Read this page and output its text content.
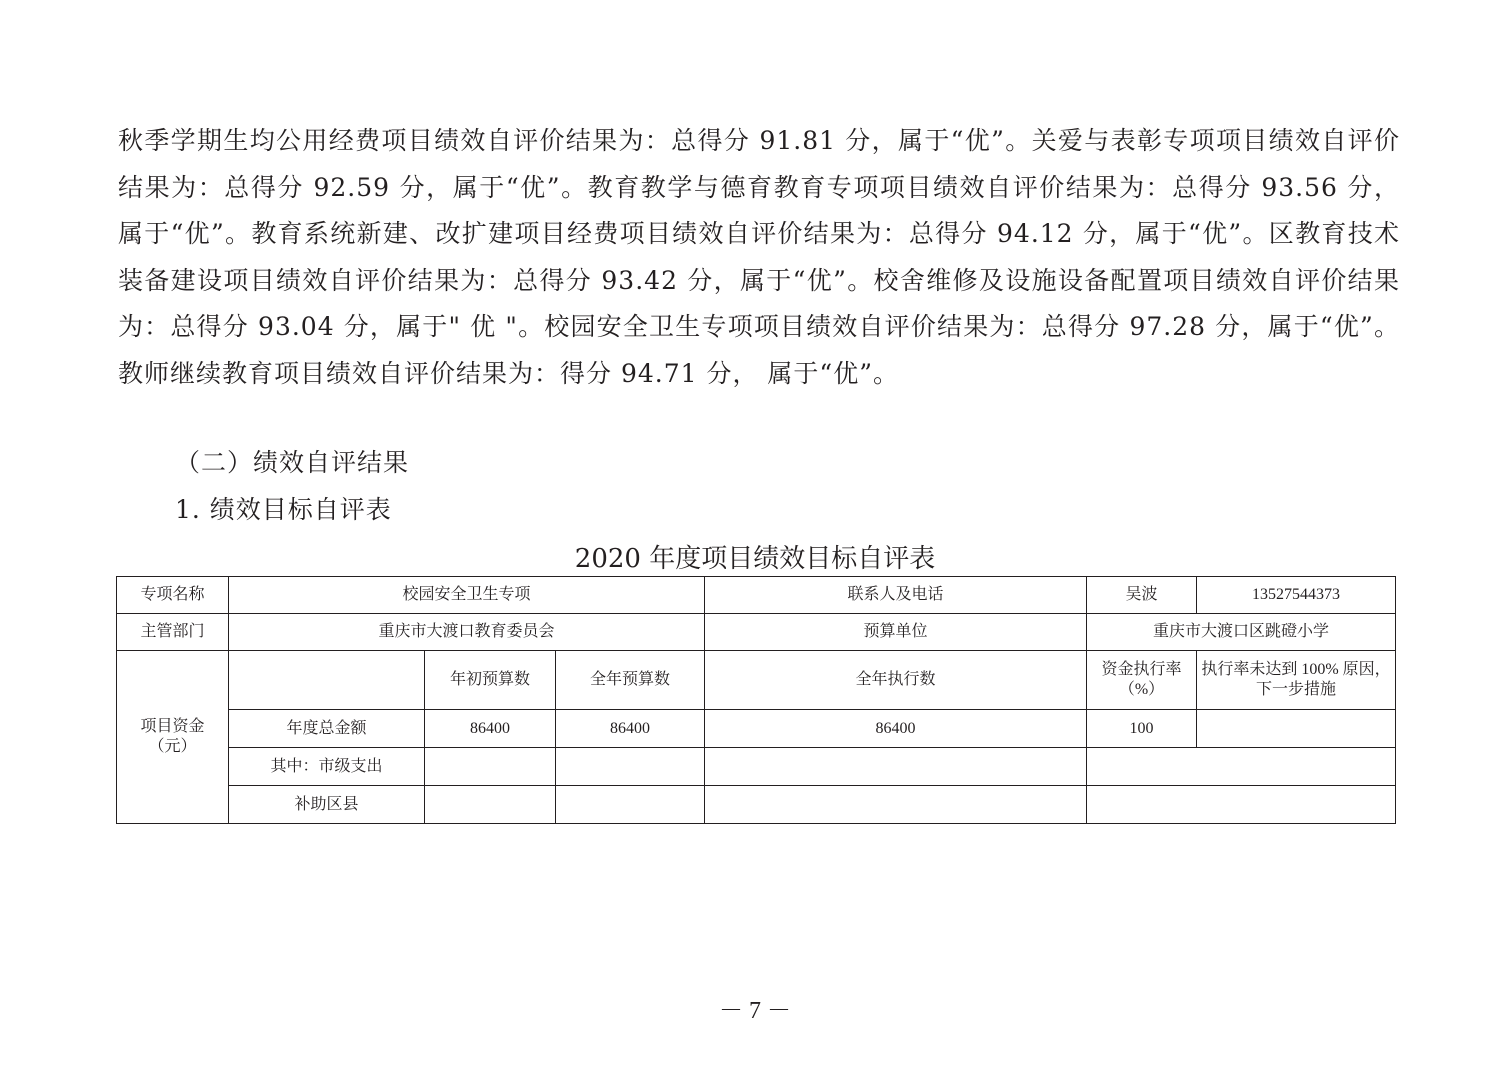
秋季学期生均公用经费项目绩效自评价结果为：总得分 91.81 分，属于“优”。关爱与表彰专项项目绩效自评价结果为：总得分 92.59 分，属于“优”。教育教学与德育教育专项项目绩效自评价结果为：总得分 93.56 分，属于“优”。教育系统新建、改扩建项目经费项目绩效自评价结果为：总得分 94.12 分，属于“优”。区教育技术装备建设项目绩效自评价结果为：总得分 93.42 分，属于“优”。校舍维修及设施设备配置项目绩效自评价结果为：总得分 93.04 分，属于" 优 "。校园安全卫生专项项目绩效自评价结果为：总得分 97.28 分，属于“优”。教师继续教育项目绩效自评价结果为：得分 94.71 分， 属于“优”。

（二）绩效自评结果

1. 绩效目标自评表

2020 年度项目绩效目标自评表

专项名称	校园安全卫生专项			联系人及电话	吴波	13527544373
主管部门	重庆市大渡口教育委员会			预算单位	重庆市大渡口区跳磴小学	
项目资金（元）		年初预算数	全年预算数	全年执行数	资金执行率（%）	执行率未达到 100% 原因，下一步措施
	年度总金额	86400	86400	86400	100	
	其中：市级支出					
	补助区县					

－ 7 －
